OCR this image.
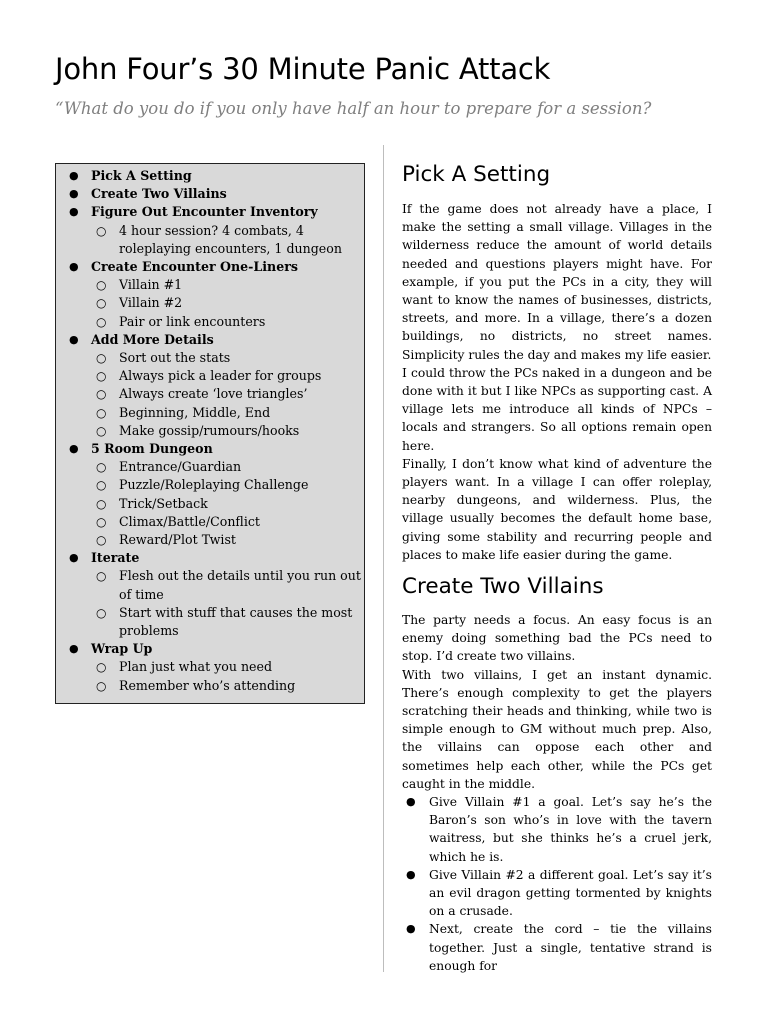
John Four’s 30 Minute Panic Attack

“What do you do if you only have half an hour to prepare for a session?

● Pick A Setting
● Create Two Villains
● Figure Out Encounter Inventory
○ 4 hour session? 4 combats, 4 roleplaying encounters, 1 dungeon
● Create Encounter One-Liners
○ Villain #1
○ Villain #2
○ Pair or link encounters
● Add More Details
○ Sort out the stats
○ Always pick a leader for groups
○ Always create ‘love triangles’
○ Beginning, Middle, End
○ Make gossip/rumours/hooks
● 5 Room Dungeon
○ Entrance/Guardian
○ Puzzle/Roleplaying Challenge
○ Trick/Setback
○ Climax/Battle/Conflict
○ Reward/Plot Twist
● Iterate
○ Flesh out the details until you run out of time
○ Start with stuff that causes the most problems
● Wrap Up
○ Plan just what you need
○ Remember who’s attending
Pick A Setting

If the game does not already have a place, I make the setting a small village. Villages in the wilderness reduce the amount of world details needed and questions players might have. For example, if you put the PCs in a city, they will want to know the names of businesses, districts, streets, and more. In a village, there’s a dozen buildings, no districts, no street names. Simplicity rules the day and makes my life easier.

I could throw the PCs naked in a dungeon and be done with it but I like NPCs as supporting cast. A village lets me introduce all kinds of NPCs – locals and strangers. So all options remain open here.

Finally, I don’t know what kind of adventure the players want. In a village I can offer roleplay, nearby dungeons, and wilderness. Plus, the village usually becomes the default home base, giving some stability and recurring people and places to make life easier during the game.

Create Two Villains

The party needs a focus. An easy focus is an enemy doing something bad the PCs need to stop. I’d create two villains.

With two villains, I get an instant dynamic. There’s enough complexity to get the players scratching their heads and thinking, while two is simple enough to GM without much prep. Also, the villains can oppose each other and sometimes help each other, while the PCs get caught in the middle.

● Give Villain #1 a goal. Let’s say he’s the Baron’s son who’s in love with the tavern waitress, but she thinks he’s a cruel jerk, which he is.
● Give Villain #2 a different goal. Let’s say it’s an evil dragon getting tormented by knights on a crusade.
● Next, create the cord – tie the villains together. Just a single, tentative strand is enough for
